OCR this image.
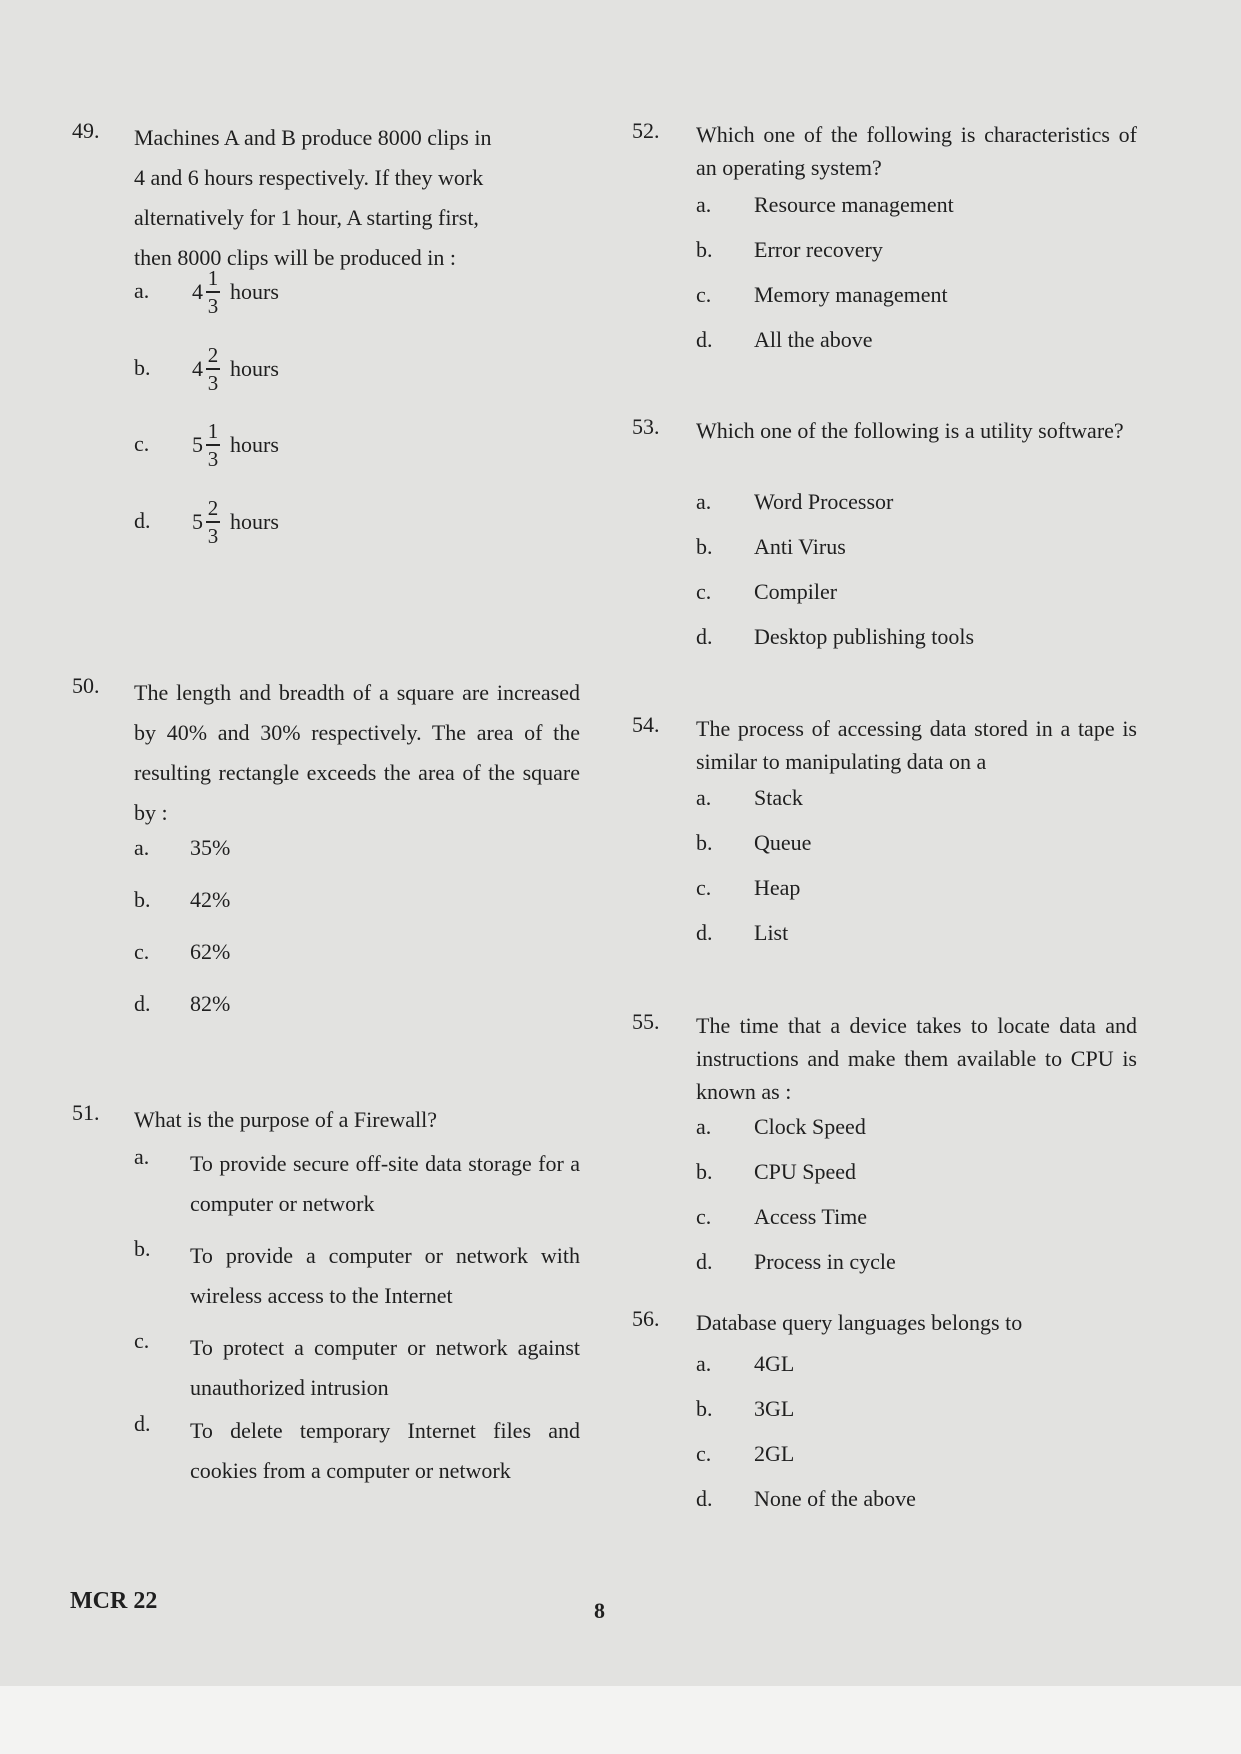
49. Machines A and B produce 8000 clips in
4 and 6 hours respectively. If they work
alternatively for 1 hour, A starting first,
then 8000 clips will be produced in :
a. $4 \frac{1}{3}$ hours
b. $4 \frac{2}{3}$ hours
c. $5 \frac{1}{3}$ hours
d. $5 \frac{2}{3}$ hours
50. The length and breadth of a square are increased by 40% and 30% respectively. The area of the resulting rectangle exceeds the area of the square by :
a. 35%
b. 42%
c. 62%
d. 82%
51. What is the purpose of a Firewall?
a. To provide secure off-site data storage for a computer or network
b. To provide a computer or network with wireless access to the Internet
c. To protect a computer or network against unauthorized intrusion
d. To delete temporary Internet files and cookies from a computer or network
52. Which one of the following is characteristics of an operating system?
a. Resource management
b. Error recovery
c. Memory management
d. All the above
53. Which one of the following is a utility software?
a. Word Processor
b. Anti Virus
c. Compiler
d. Desktop publishing tools
54. The process of accessing data stored in a tape is similar to manipulating data on a
a. Stack
b. Queue
c. Heap
d. List
55. The time that a device takes to locate data and instructions and make them available to CPU is known as :
a. Clock Speed
b. CPU Speed
c. Access Time
d. Process in cycle
56. Database query languages belongs to
a. 4GL
b. 3GL
c. 2GL
d. None of the above
MCR 22	8
